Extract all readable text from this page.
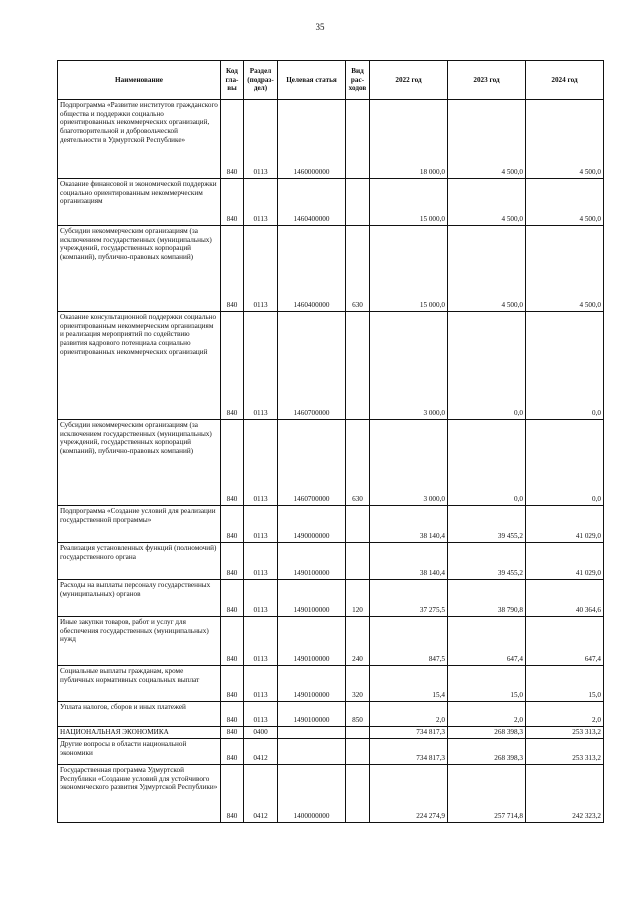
35
Наименование	Код гла- вы	Раздел (подраз- дел)	Целевая статья	Вид рас- ходов	2022 год	2023 год	2024 год
Подпрограмма «Развитие институтов гражданского общества и поддержки социально ориентированных некоммерческих организаций, благотворительной и добровольческой деятельности в Удмуртской Республике»	840	0113	1460000000		18 000,0	4 500,0	4 500,0
Оказание финансовой и экономической поддержки социально ориентированным некоммерческим организациям	840	0113	1460400000		15 000,0	4 500,0	4 500,0
Субсидии некоммерческим организациям (за исключением государственных (муниципальных) учреждений, государственных корпораций (компаний), публично-правовых компаний)	840	0113	1460400000	630	15 000,0	4 500,0	4 500,0
Оказание консультационной поддержки социально ориентированным некоммерческим организациям и реализация мероприятий по содействию развития кадрового потенциала социально ориентированных некоммерческих организаций	840	0113	1460700000		3 000,0	0,0	0,0
Субсидии некоммерческим организациям (за исключением государственных (муниципальных) учреждений, государственных корпораций (компаний), публично-правовых компаний)	840	0113	1460700000	630	3 000,0	0,0	0,0
Подпрограмма «Создание условий для реализации государственной программы»	840	0113	1490000000		38 140,4	39 455,2	41 029,0
Реализация установленных функций (полномочий) государственного органа	840	0113	1490100000		38 140,4	39 455,2	41 029,0
Расходы на выплаты персоналу государственных (муниципальных) органов	840	0113	1490100000	120	37 275,5	38 790,8	40 364,6
Иные закупки товаров, работ и услуг для обеспечения государственных (муниципальных) нужд	840	0113	1490100000	240	847,5	647,4	647,4
Социальные выплаты гражданам, кроме публичных нормативных социальных выплат	840	0113	1490100000	320	15,4	15,0	15,0
Уплата налогов, сборов и иных платежей	840	0113	1490100000	850	2,0	2,0	2,0
НАЦИОНАЛЬНАЯ ЭКОНОМИКА	840	0400			734 817,3	268 398,3	253 313,2
Другие вопросы в области национальной экономики	840	0412			734 817,3	268 398,3	253 313,2
Государственная программа Удмуртской Республики «Создание условий для устойчивого экономического развития Удмуртской Республики»	840	0412	1400000000		224 274,9	257 714,8	242 323,2
